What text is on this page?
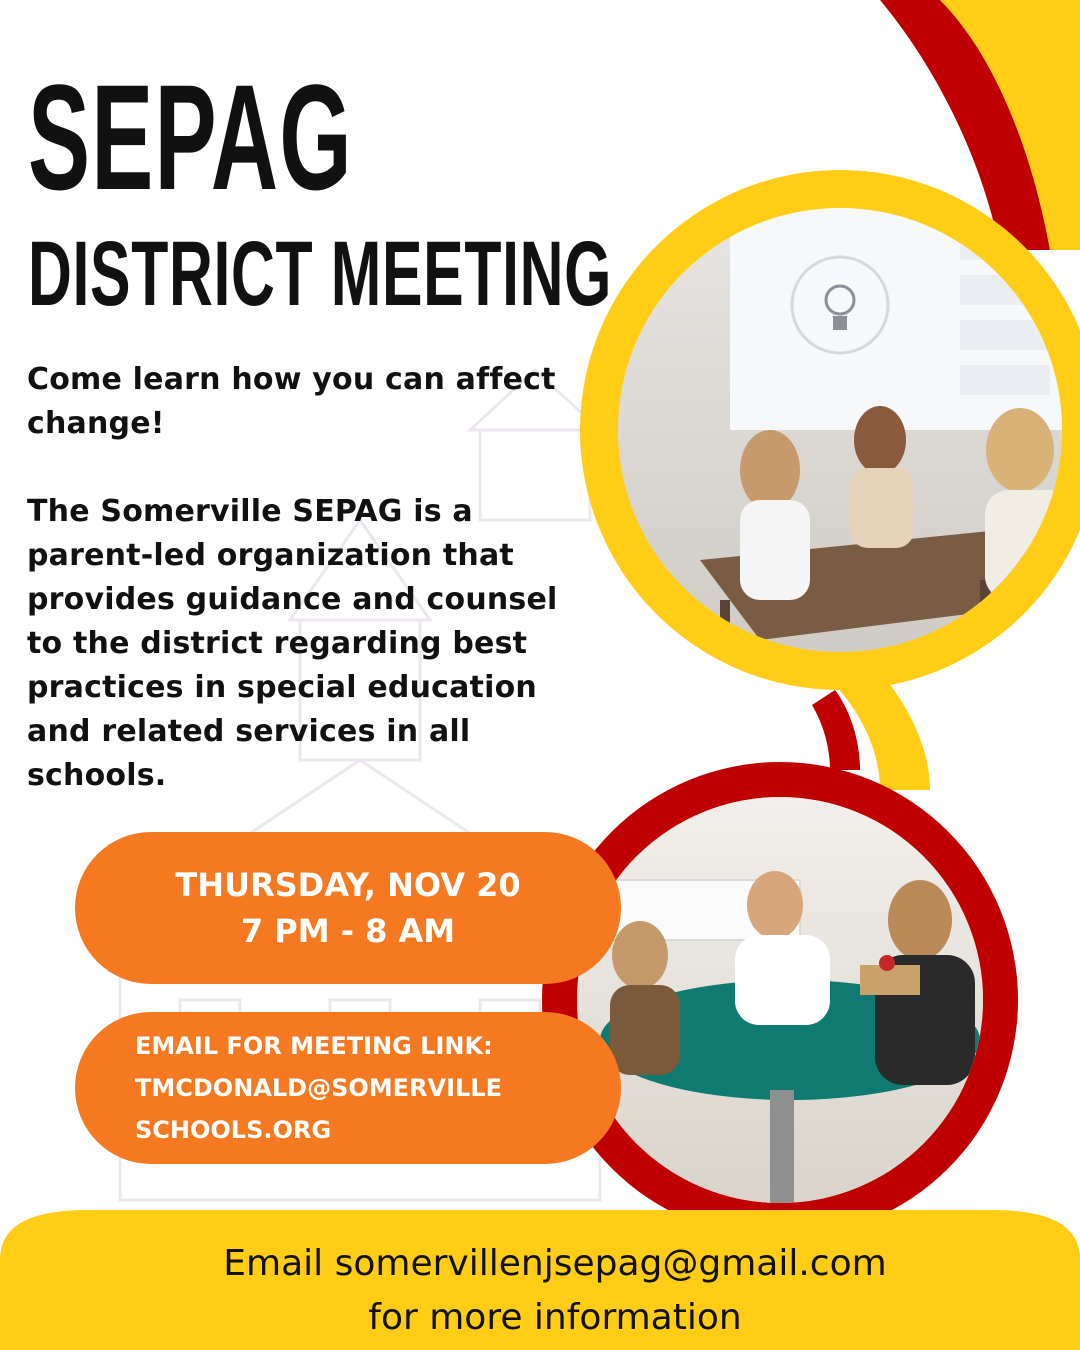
SEPAG
DISTRICT MEETING

Come learn how you can affect
change!

The Somerville SEPAG is a
parent-led organization that
provides guidance and counsel
to the district regarding best
practices in special education
and related services in all
schools.

THURSDAY, NOV 20
7 PM - 8 AM
EMAIL FOR MEETING LINK:
TMCDONALD@SOMERVILLE
SCHOOLS.ORG
Email somervillenjsepag@gmail.com
for more information
